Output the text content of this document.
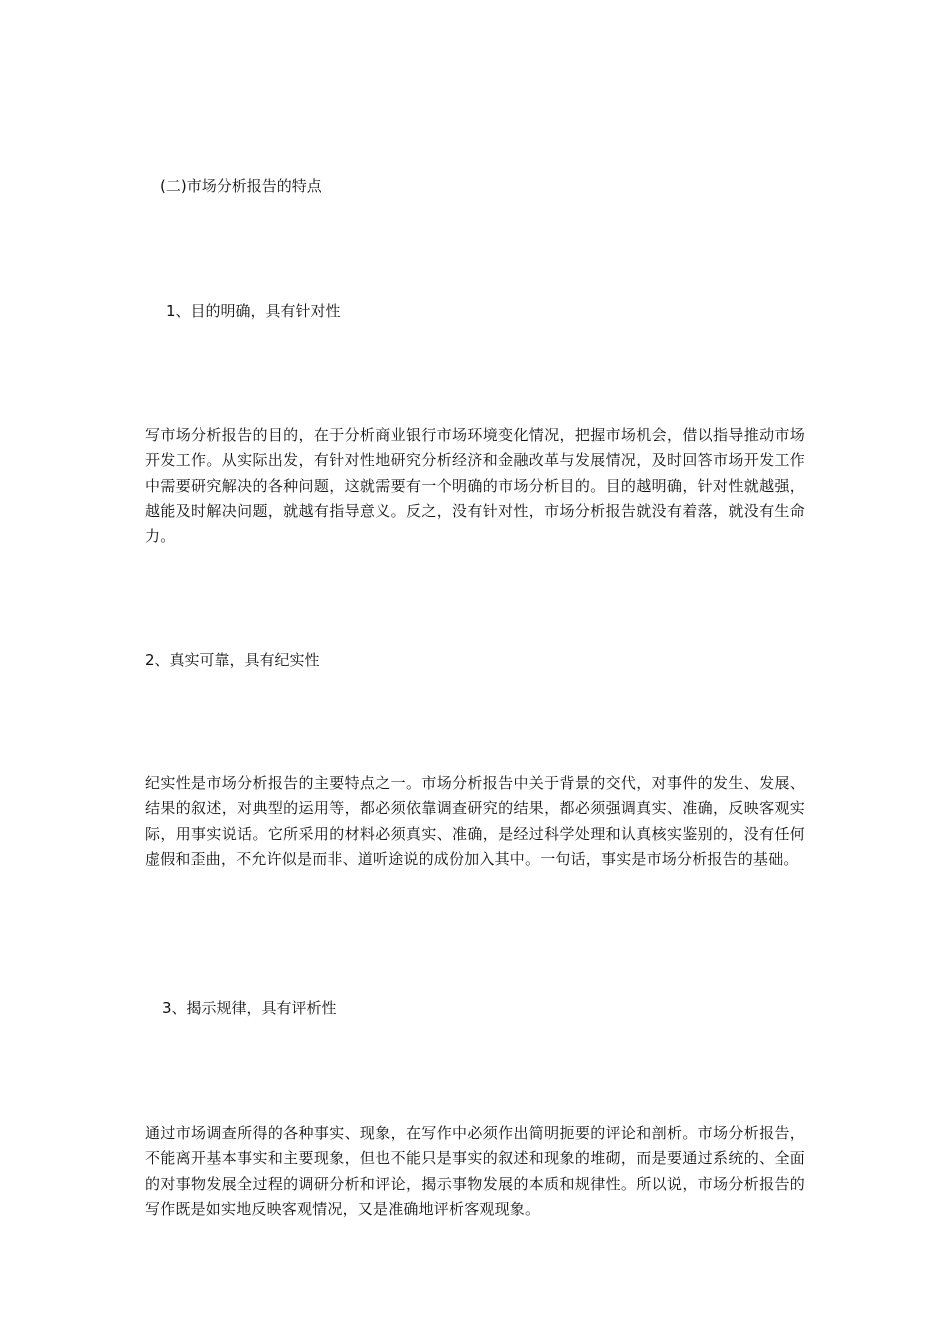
(二)市场分析报告的特点
1、目的明确，具有针对性
写市场分析报告的目的，在于分析商业银行市场环境变化情况，把握市场机会，借以指导推动市场开发工作。从实际出发，有针对性地研究分析经济和金融改革与发展情况，及时回答市场开发工作中需要研究解决的各种问题，这就需要有一个明确的市场分析目的。目的越明确，针对性就越强，越能及时解决问题，就越有指导意义。反之，没有针对性，市场分析报告就没有着落，就没有生命力。
2、真实可靠，具有纪实性
纪实性是市场分析报告的主要特点之一。市场分析报告中关于背景的交代，对事件的发生、发展、结果的叙述，对典型的运用等，都必须依靠调查研究的结果，都必须强调真实、准确，反映客观实际，用事实说话。它所采用的材料必须真实、准确，是经过科学处理和认真核实鉴别的，没有任何虚假和歪曲，不允许似是而非、道听途说的成份加入其中。一句话，事实是市场分析报告的基础。
3、揭示规律，具有评析性
通过市场调查所得的各种事实、现象，在写作中必须作出简明扼要的评论和剖析。市场分析报告，不能离开基本事实和主要现象，但也不能只是事实的叙述和现象的堆砌，而是要通过系统的、全面的对事物发展全过程的调研分析和评论，揭示事物发展的本质和规律性。所以说，市场分析报告的写作既是如实地反映客观情况，又是准确地评析客观现象。
